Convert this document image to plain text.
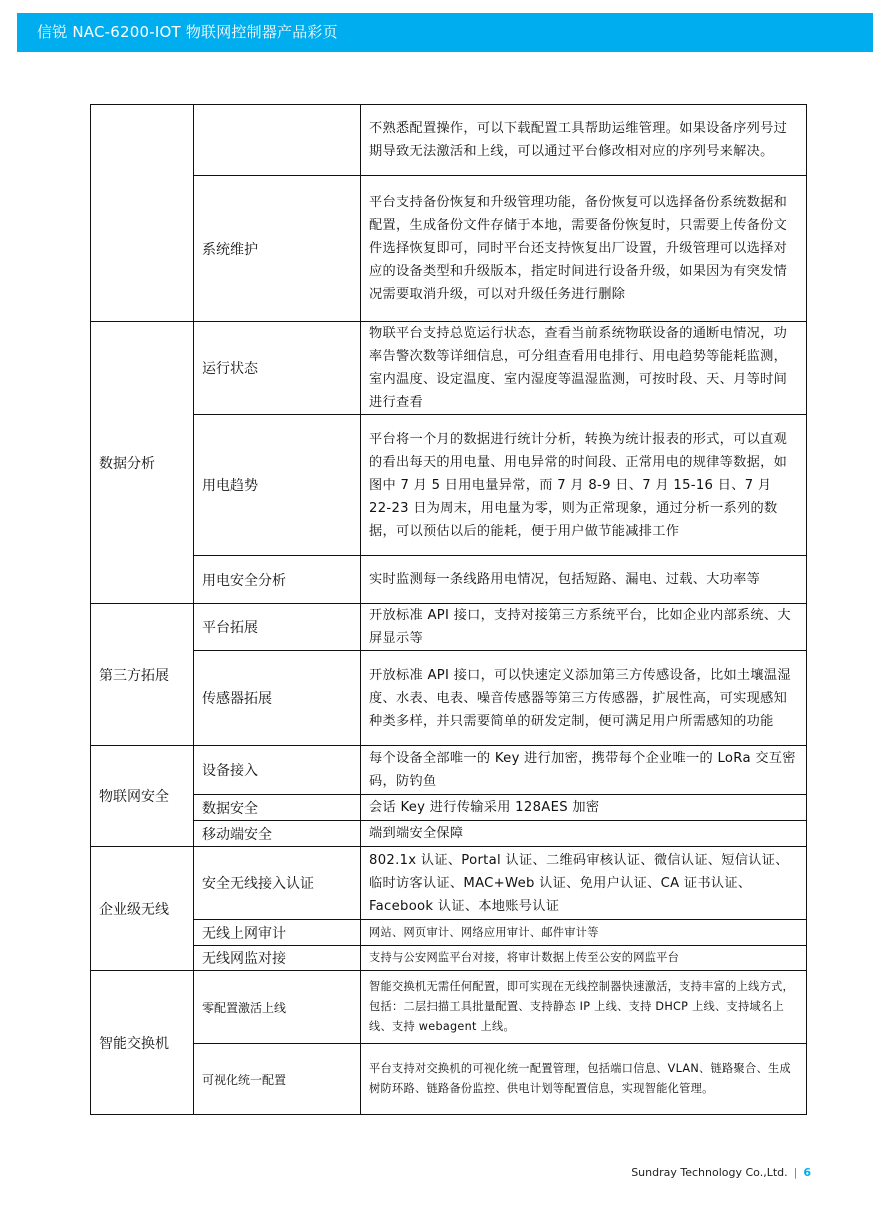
信锐 NAC-6200-IOT 物联网控制器产品彩页
		不熟悉配置操作，可以下载配置工具帮助运维管理。如果设备序列号过期导致无法激活和上线，可以通过平台修改相对应的序列号来解决。
	系统维护	平台支持备份恢复和升级管理功能，备份恢复可以选择备份系统数据和配置，生成备份文件存储于本地，需要备份恢复时，只需要上传备份文件选择恢复即可，同时平台还支持恢复出厂设置，升级管理可以选择对应的设备类型和升级版本，指定时间进行设备升级，如果因为有突发情况需要取消升级，可以对升级任务进行删除
数据分析	运行状态	物联平台支持总览运行状态，查看当前系统物联设备的通断电情况，功率告警次数等详细信息，可分组查看用电排行、用电趋势等能耗监测，室内温度、设定温度、室内湿度等温湿监测，可按时段、天、月等时间进行查看
	用电趋势	平台将一个月的数据进行统计分析，转换为统计报表的形式，可以直观的看出每天的用电量、用电异常的时间段、正常用电的规律等数据，如图中 7 月 5 日用电量异常，而 7 月 8-9 日、7 月 15-16 日、7 月 22-23 日为周末，用电量为零，则为正常现象，通过分析一系列的数据，可以预估以后的能耗，便于用户做节能减排工作
	用电安全分析	实时监测每一条线路用电情况，包括短路、漏电、过载、大功率等
第三方拓展	平台拓展	开放标准 API 接口，支持对接第三方系统平台，比如企业内部系统、大屏显示等
	传感器拓展	开放标准 API 接口，可以快速定义添加第三方传感设备，比如土壤温湿度、水表、电表、噪音传感器等第三方传感器，扩展性高，可实现感知种类多样，并只需要简单的研发定制，便可满足用户所需感知的功能
物联网安全	设备接入	每个设备全部唯一的 Key 进行加密，携带每个企业唯一的 LoRa 交互密码，防钓鱼
	数据安全	会话 Key 进行传输采用 128AES 加密
	移动端安全	端到端安全保障
企业级无线	安全无线接入认证	802.1x 认证、Portal 认证、二维码审核认证、微信认证、短信认证、临时访客认证、MAC+Web 认证、免用户认证、CA 证书认证、Facebook 认证、本地账号认证
	无线上网审计	网站、网页审计、网络应用审计、邮件审计等
	无线网监对接	支持与公安网监平台对接，将审计数据上传至公安的网监平台
智能交换机	零配置激活上线	智能交换机无需任何配置，即可实现在无线控制器快速激活，支持丰富的上线方式，包括：二层扫描工具批量配置、支持静态 IP 上线、支持 DHCP 上线、支持域名上线、支持 webagent 上线。
	可视化统一配置	平台支持对交换机的可视化统一配置管理，包括端口信息、VLAN、链路聚合、生成树防环路、链路备份监控、供电计划等配置信息，实现智能化管理。
Sundray Technology Co.,Ltd. | 6
